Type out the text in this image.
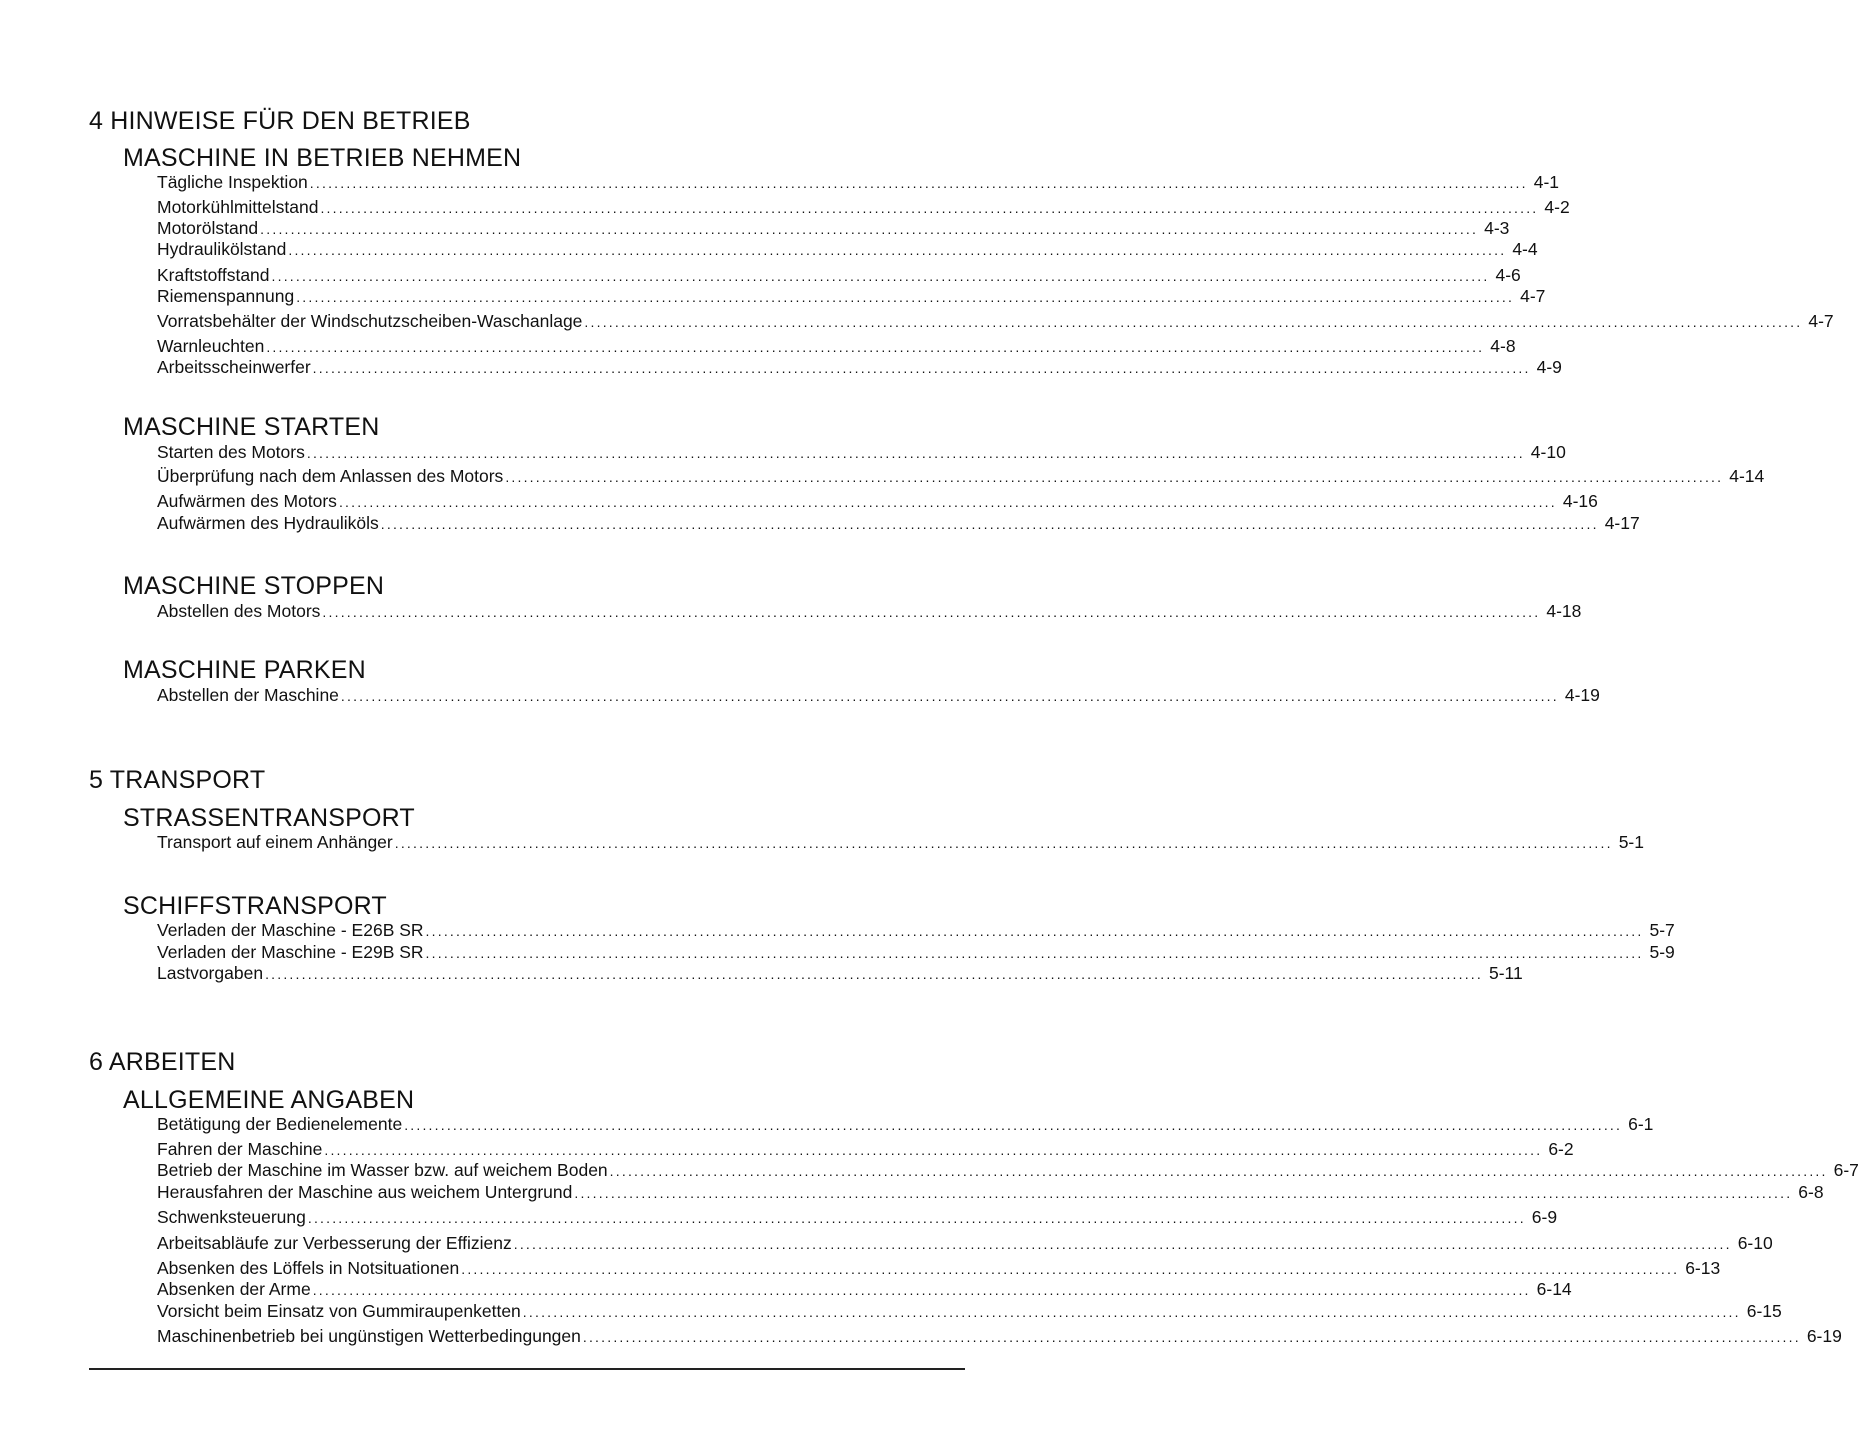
4 HINWEISE FÜR DEN BETRIEB
MASCHINE IN BETRIEB NEHMEN
Tägliche Inspektion ........................................................................................................................................................................................................ 4-1
Motorkühlmittelstand ........................................................................................................................................................................................................ 4-2
Motorölstand ........................................................................................................................................................................................................ 4-3
Hydraulikölstand ........................................................................................................................................................................................................ 4-4
Kraftstoffstand ........................................................................................................................................................................................................ 4-6
Riemenspannung ........................................................................................................................................................................................................ 4-7
Vorratsbehälter der Windschutzscheiben-Waschanlage ........................................................................................................................................................................................................ 4-7
Warnleuchten ........................................................................................................................................................................................................ 4-8
Arbeitsscheinwerfer ........................................................................................................................................................................................................ 4-9
MASCHINE STARTEN
Starten des Motors ........................................................................................................................................................................................................ 4-10
Überprüfung nach dem Anlassen des Motors ........................................................................................................................................................................................................ 4-14
Aufwärmen des Motors ........................................................................................................................................................................................................ 4-16
Aufwärmen des Hydrauliköls ........................................................................................................................................................................................................ 4-17
MASCHINE STOPPEN
Abstellen des Motors ........................................................................................................................................................................................................ 4-18
MASCHINE PARKEN
Abstellen der Maschine ........................................................................................................................................................................................................ 4-19
5 TRANSPORT
STRASSENTRANSPORT
Transport auf einem Anhänger ........................................................................................................................................................................................................ 5-1
SCHIFFSTRANSPORT
Verladen der Maschine - E26B SR ........................................................................................................................................................................................................ 5-7
Verladen der Maschine - E29B SR ........................................................................................................................................................................................................ 5-9
Lastvorgaben ........................................................................................................................................................................................................ 5-11
6 ARBEITEN
ALLGEMEINE ANGABEN
Betätigung der Bedienelemente ........................................................................................................................................................................................................ 6-1
Fahren der Maschine ........................................................................................................................................................................................................ 6-2
Betrieb der Maschine im Wasser bzw. auf weichem Boden ........................................................................................................................................................................................................ 6-7
Herausfahren der Maschine aus weichem Untergrund ........................................................................................................................................................................................................ 6-8
Schwenksteuerung ........................................................................................................................................................................................................ 6-9
Arbeitsabläufe zur Verbesserung der Effizienz ........................................................................................................................................................................................................ 6-10
Absenken des Löffels in Notsituationen ........................................................................................................................................................................................................ 6-13
Absenken der Arme ........................................................................................................................................................................................................ 6-14
Vorsicht beim Einsatz von Gummiraupenketten ........................................................................................................................................................................................................ 6-15
Maschinenbetrieb bei ungünstigen Wetterbedingungen ........................................................................................................................................................................................................ 6-19
